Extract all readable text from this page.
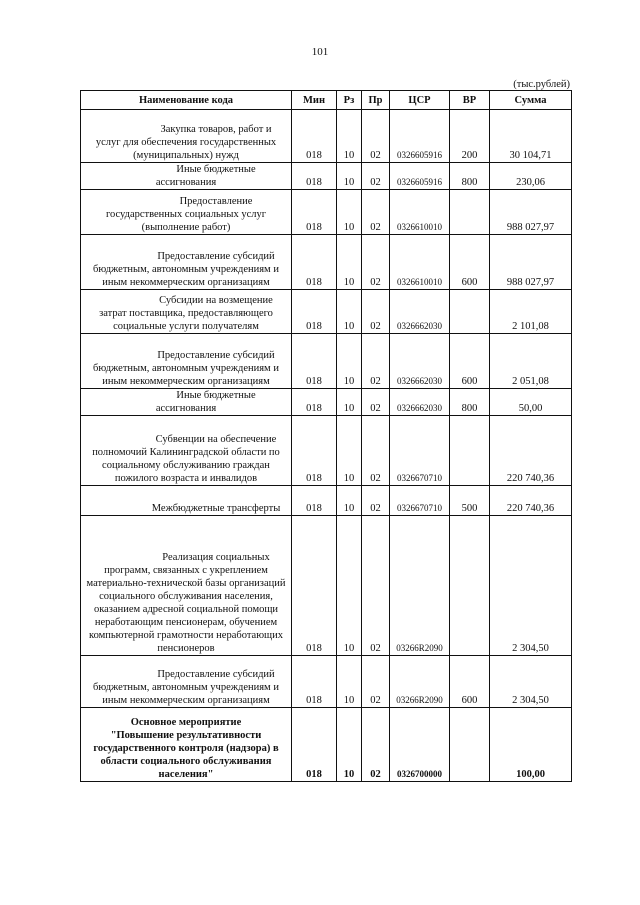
101
(тыс.рублей)
Наименование кода	Мин	Рз	Пр	ЦСР	ВР	Сумма

Закупка товаров, работ и
услуг для обеспечения государственных (муниципальных) нужд	018	10	02	0326605916	200	30 104,71

Иные бюджетные
ассигнования	018	10	02	0326605916	800	230,06

Предоставление
государственных социальных услуг (выполнение работ)	018	10	02	0326610010		988 027,97

Предоставление субсидий
бюджетным, автономным учреждениям и иным некоммерческим организациям	018	10	02	0326610010	600	988 027,97

Субсидии на возмещение
затрат поставщика, предоставляющего социальные услуги получателям	018	10	02	0326662030		2 101,08

Предоставление субсидий
бюджетным, автономным учреждениям и иным некоммерческим организациям	018	10	02	0326662030	600	2 051,08

Иные бюджетные
ассигнования	018	10	02	0326662030	800	50,00

Субвенции на обеспечение
полномочий Калининградской области по социальному обслуживанию граждан пожилого возраста и инвалидов	018	10	02	0326670710		220 740,36

Межбюджетные трансферты	018	10	02	0326670710	500	220 740,36

Реализация социальных
программ, связанных с укреплением материально-технической базы организаций социального обслуживания населения, оказанием адресной социальной помощи неработающим пенсионерам, обучением компьютерной грамотности неработающих пенсионеров	018	10	02	03266R2090		2 304,50

Предоставление субсидий
бюджетным, автономным учреждениям и иным некоммерческим организациям	018	10	02	03266R2090	600	2 304,50
Основное мероприятие
"Повышение результативности государственного контроля (надзора) в области социального обслуживания населения"	018	10	02	0326700000		100,00
